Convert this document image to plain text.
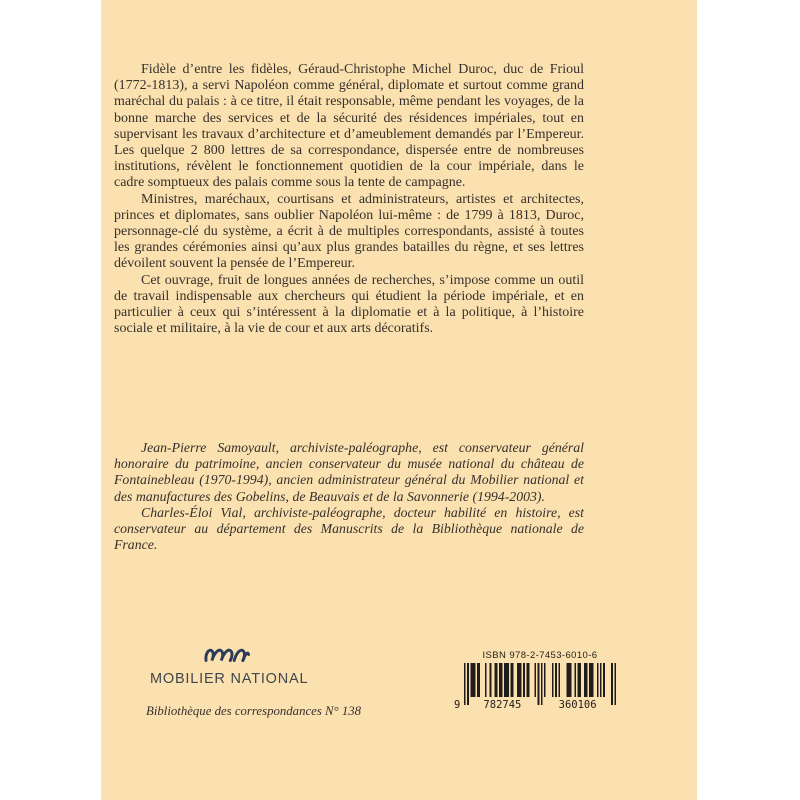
Fidèle d’entre les fidèles, Géraud-Christophe Michel Duroc, duc de Frioul (1772-1813), a servi Napoléon comme général, diplomate et surtout comme grand maréchal du palais : à ce titre, il était responsable, même pendant les voyages, de la bonne marche des services et de la sécurité des résidences impériales, tout en supervisant les travaux d’architecture et d’ameublement demandés par l’Empereur. Les quelque 2 800 lettres de sa correspondance, dispersée entre de nombreuses institutions, révèlent le fonctionnement quotidien de la cour impériale, dans le cadre somptueux des palais comme sous la tente de campagne.

Ministres, maréchaux, courtisans et administrateurs, artistes et architectes, princes et diplomates, sans oublier Napoléon lui-même : de 1799 à 1813, Duroc, personnage-clé du système, a écrit à de multiples correspondants, assisté à toutes les grandes cérémonies ainsi qu’aux plus grandes batailles du règne, et ses lettres dévoilent souvent la pensée de l’Empereur.

Cet ouvrage, fruit de longues années de recherches, s’impose comme un outil de travail indispensable aux chercheurs qui étudient la période impériale, et en particulier à ceux qui s’intéressent à la diplomatie et à la politique, à l’histoire sociale et militaire, à la vie de cour et aux arts décoratifs.

Jean-Pierre Samoyault, archiviste-paléographe, est conservateur général honoraire du patrimoine, ancien conservateur du musée national du château de Fontainebleau (1970-1994), ancien administrateur général du Mobilier national et des manufactures des Gobelins, de Beauvais et de la Savonnerie (1994-2003).

Charles-Éloi Vial, archiviste-paléographe, docteur habilité en histoire, est conservateur au département des Manuscrits de la Bibliothèque nationale de France.

MOBILIER NATIONAL
Bibliothèque des correspondances N° 138
ISBN 978-2-7453-6010-6
9 782745	360106
